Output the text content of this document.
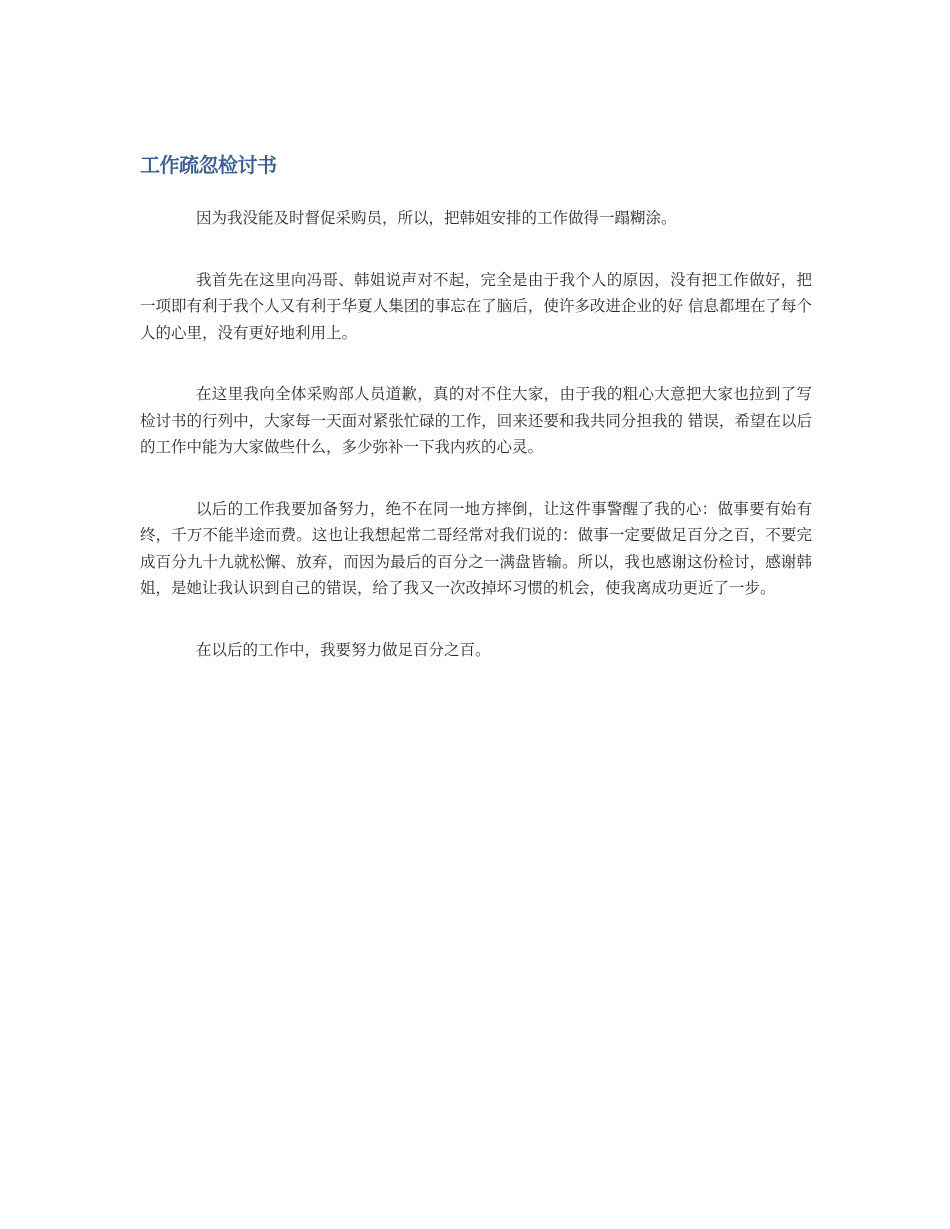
工作疏忽检讨书

因为我没能及时督促采购员，所以，把韩姐安排的工作做得一蹋糊涂。

我首先在这里向冯哥、韩姐说声对不起，完全是由于我个人的原因，没有把工作做好，把一项即有利于我个人又有利于华夏人集团的事忘在了脑后，使许多改进企业的好 信息都埋在了每个人的心里，没有更好地利用上。

在这里我向全体采购部人员道歉，真的对不住大家，由于我的粗心大意把大家也拉到了写检讨书的行列中，大家每一天面对紧张忙碌的工作，回来还要和我共同分担我的 错误，希望在以后的工作中能为大家做些什么，多少弥补一下我内疚的心灵。

以后的工作我要加备努力，绝不在同一地方摔倒，让这件事警醒了我的心：做事要有始有终，千万不能半途而费。这也让我想起常二哥经常对我们说的：做事一定要做足百分之百，不要完成百分九十九就松懈、放弃，而因为最后的百分之一满盘皆输。所以，我也感谢这份检讨，感谢韩姐，是她让我认识到自己的错误，给了我又一次改掉坏习惯的机会，使我离成功更近了一步。

在以后的工作中，我要努力做足百分之百。
